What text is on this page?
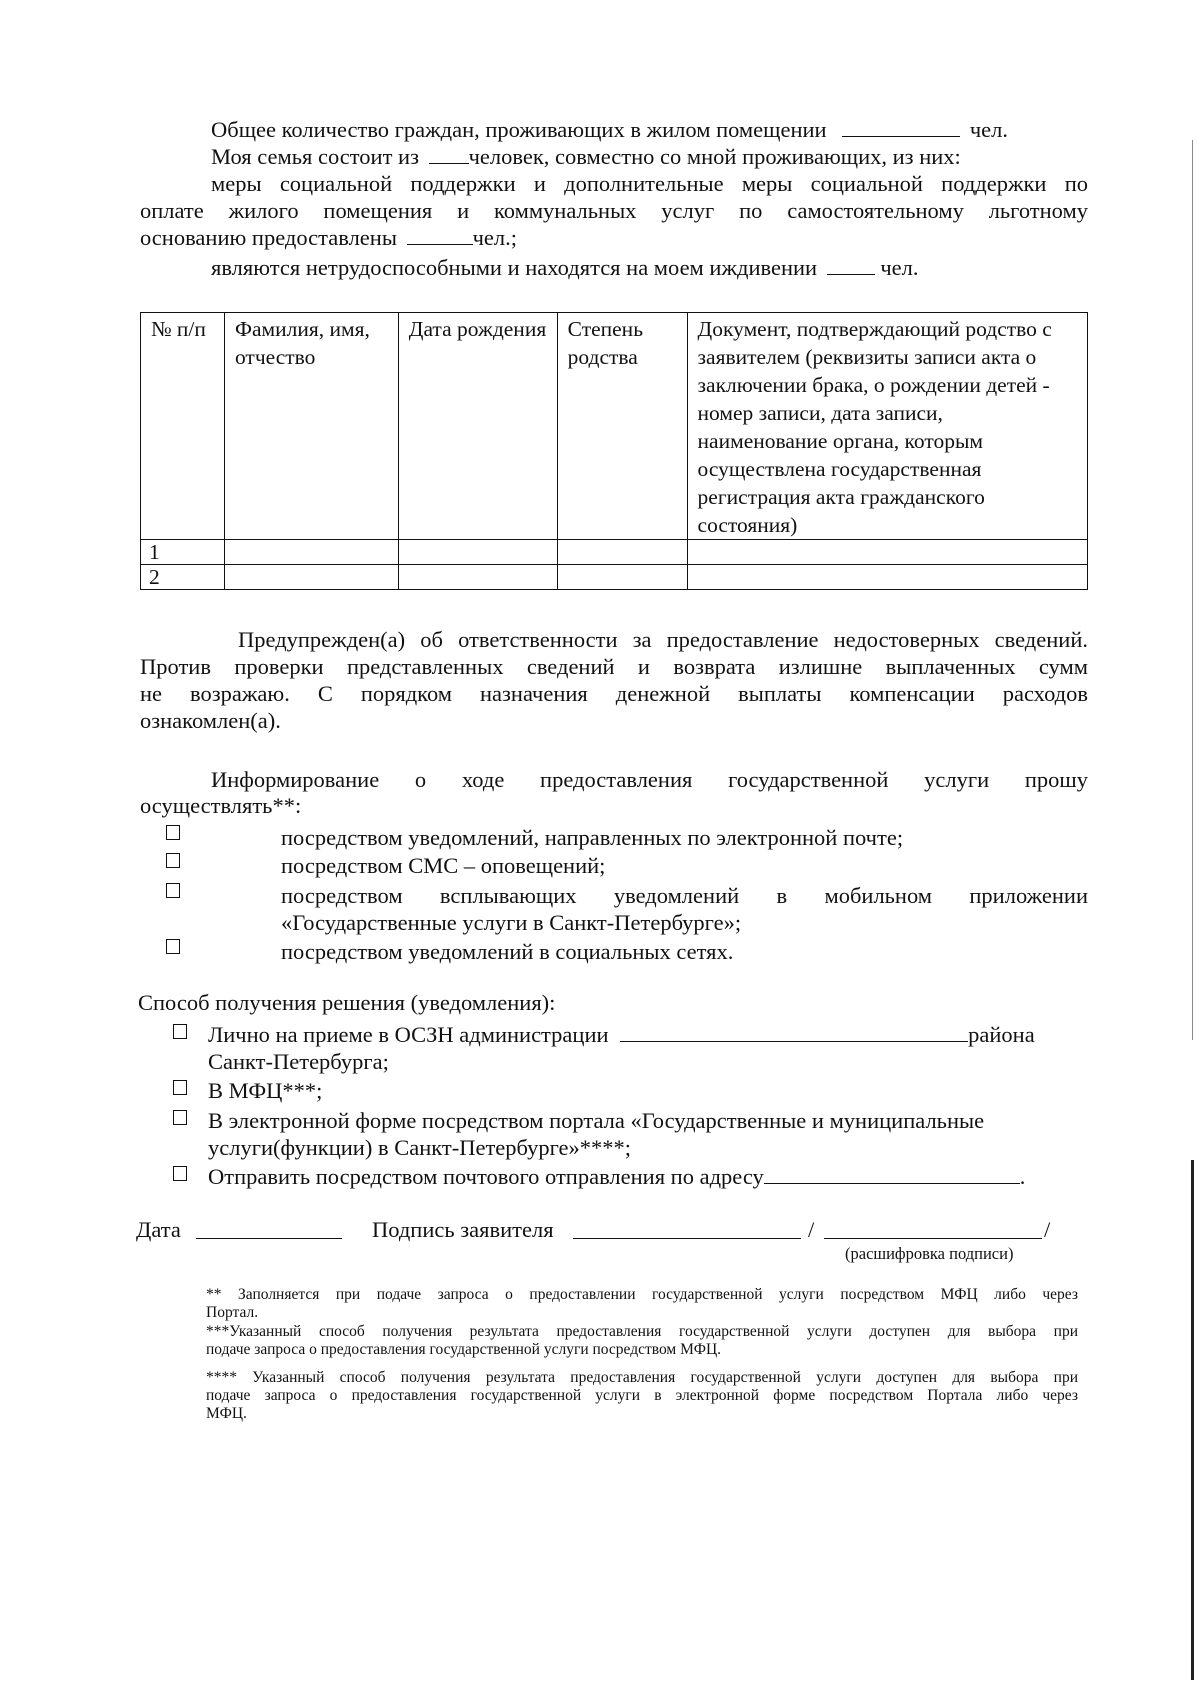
Общее количество граждан, проживающих в жилом помещении	чел.
Моя семья состоит из человек, совместно со мной проживающих, из них:
меры социальной поддержки и дополнительные меры социальной поддержки по
оплате жилого помещения и коммунальных услуг по самостоятельному льготному
основанию предоставлены	чел.;
являются нетрудоспособными и находятся на моем иждивении	чел.
№ п/п	Фамилия, имя, отчество	Дата рождения	Степень родства	Документ, подтверждающий родство с заявителем (реквизиты записи акта о заключении брака, о рождении детей - номер записи, дата записи, наименование органа, которым осуществлена государственная регистрация акта гражданского состояния)
1				
2				
Предупрежден(а) об ответственности за предоставление недостоверных сведений.
Против проверки представленных сведений и возврата излишне выплаченных сумм
не возражаю. С порядком назначения денежной выплаты компенсации расходов
ознакомлен(а).
Информирование о ходе предоставления государственной услуги прошу
осуществлять**:
посредством уведомлений, направленных по электронной почте;
посредством СМС – оповещений;
посредством всплывающих уведомлений в мобильном приложении
«Государственные услуги в Санкт-Петербурге»;
посредством уведомлений в социальных сетях.
Способ получения решения (уведомления):
Лично на приеме в ОСЗН администрации	района
Санкт-Петербурга;
В МФЦ***;
В электронной форме посредством портала «Государственные и муниципальные
услуги(функции) в Санкт-Петербурге»****;
Отправить посредством почтового отправления по адресу	.
Дата	Подпись заявителя	/	/
(расшифровка подписи)
** Заполняется при подаче запроса о предоставлении государственной услуги посредством МФЦ либо через
Портал.
***Указанный способ получения результата предоставления государственной услуги доступен для выбора при
подаче запроса о предоставления государственной услуги посредством МФЦ.
**** Указанный способ получения результата предоставления государственной услуги доступен для выбора при
подаче запроса о предоставления государственной услуги в электронной форме посредством Портала либо через
МФЦ.
